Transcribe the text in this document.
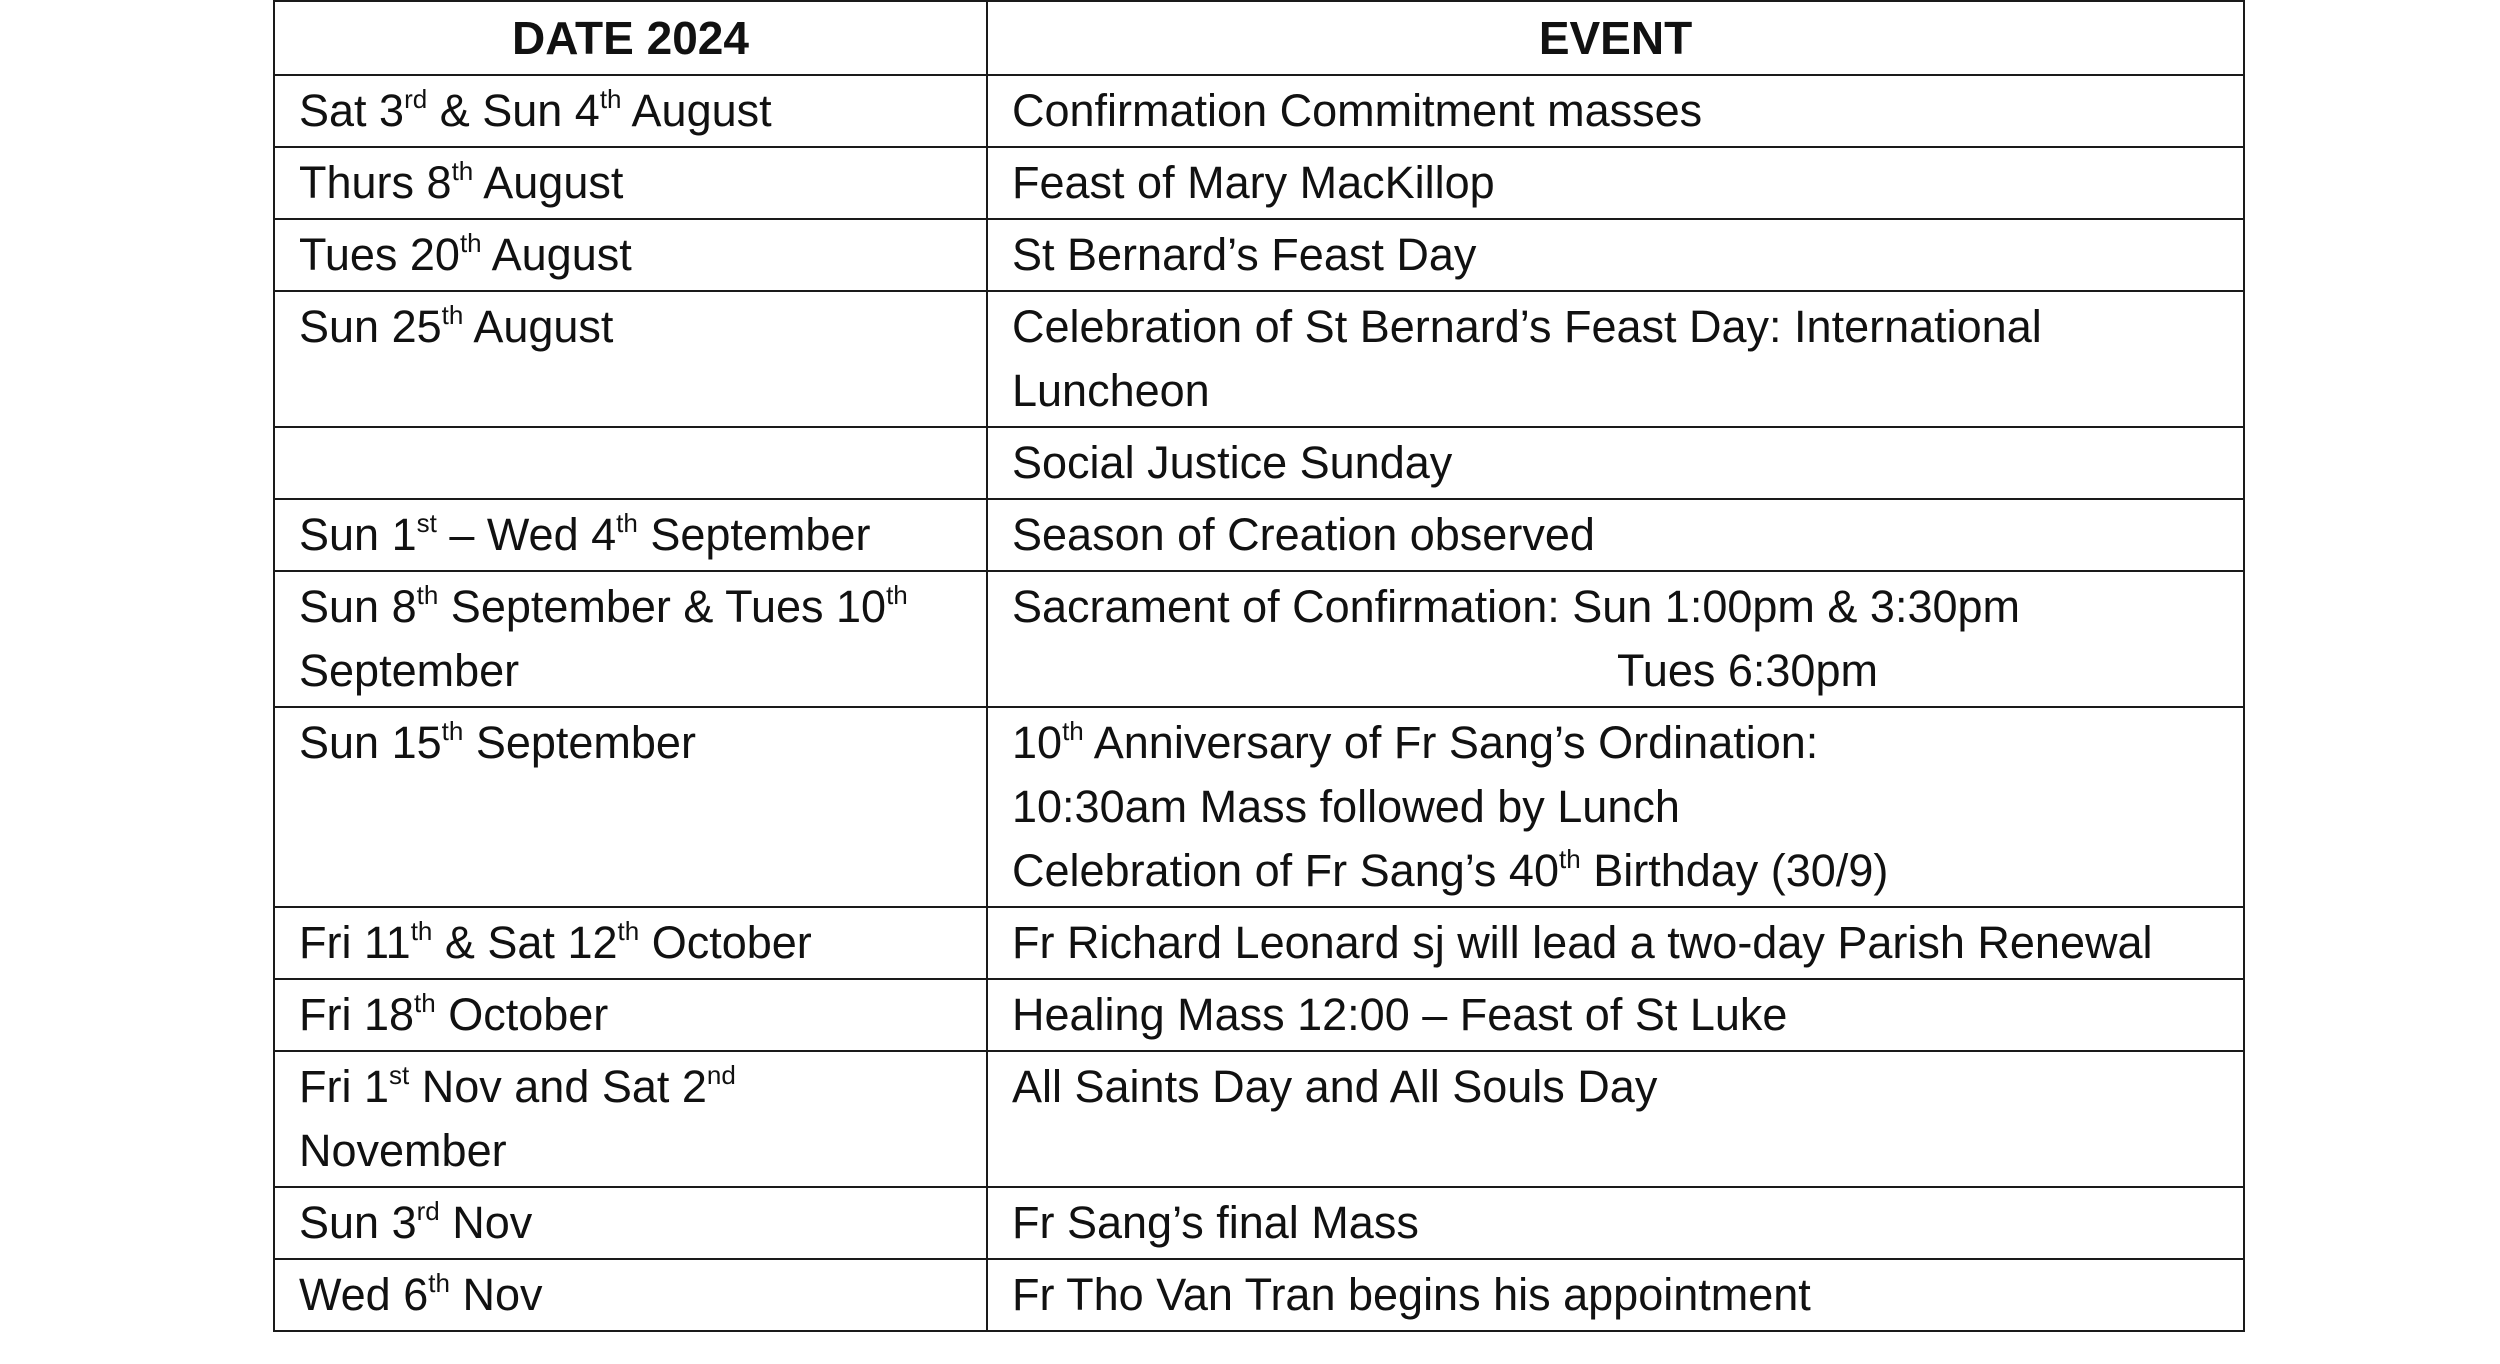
DATE 2024	EVENT

Sat 3rd & Sun 4th August	Confirmation Commitment masses

Thurs 8th August	Feast of Mary MacKillop

Tues 20th August	St Bernard’s Feast Day

Sun 25th August	Celebration of St Bernard’s Feast Day: International
Luncheon

	Social Justice Sunday

Sun 1st – Wed 4th September	Season of Creation observed

Sun 8th September & Tues 10th
September	Sacrament of Confirmation: Sun 1:00pm & 3:30pm
Tues 6:30pm

Sun 15th September	10th Anniversary of Fr Sang’s Ordination:
10:30am Mass followed by Lunch
Celebration of Fr Sang’s 40th Birthday (30/9)

Fri 11th & Sat 12th October	Fr Richard Leonard sj will lead a two-day Parish Renewal

Fri 18th October	Healing Mass 12:00 – Feast of St Luke

Fri 1st Nov and Sat 2nd
November	All Saints Day and All Souls Day

Sun 3rd Nov	Fr Sang’s final Mass

Wed 6th Nov	Fr Tho Van Tran begins his appointment
